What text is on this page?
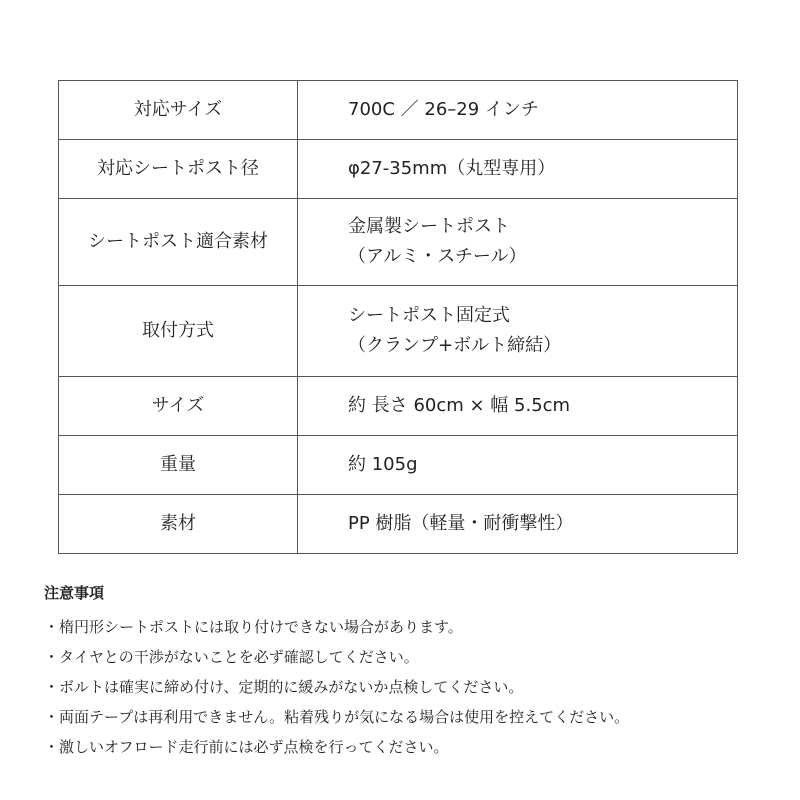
対応サイズ	700C ／ 26–29 インチ

対応シートポスト径	φ27-35mm（丸型専用）

シートポスト適合素材	金属製シートポスト
（アルミ・スチール）

取付方式	シートポスト固定式
（クランプ+ボルト締結）

サイズ	約 長さ 60cm × 幅 5.5cm

重量	約 105g

素材	PP 樹脂（軽量・耐衝撃性）
注意事項
・楕円形シートポストには取り付けできない場合があります。
・タイヤとの干渉がないことを必ず確認してください。
・ボルトは確実に締め付け、定期的に緩みがないか点検してください。
・両面テープは再利用できません。粘着残りが気になる場合は使用を控えてください。
・激しいオフロード走行前には必ず点検を行ってください。
